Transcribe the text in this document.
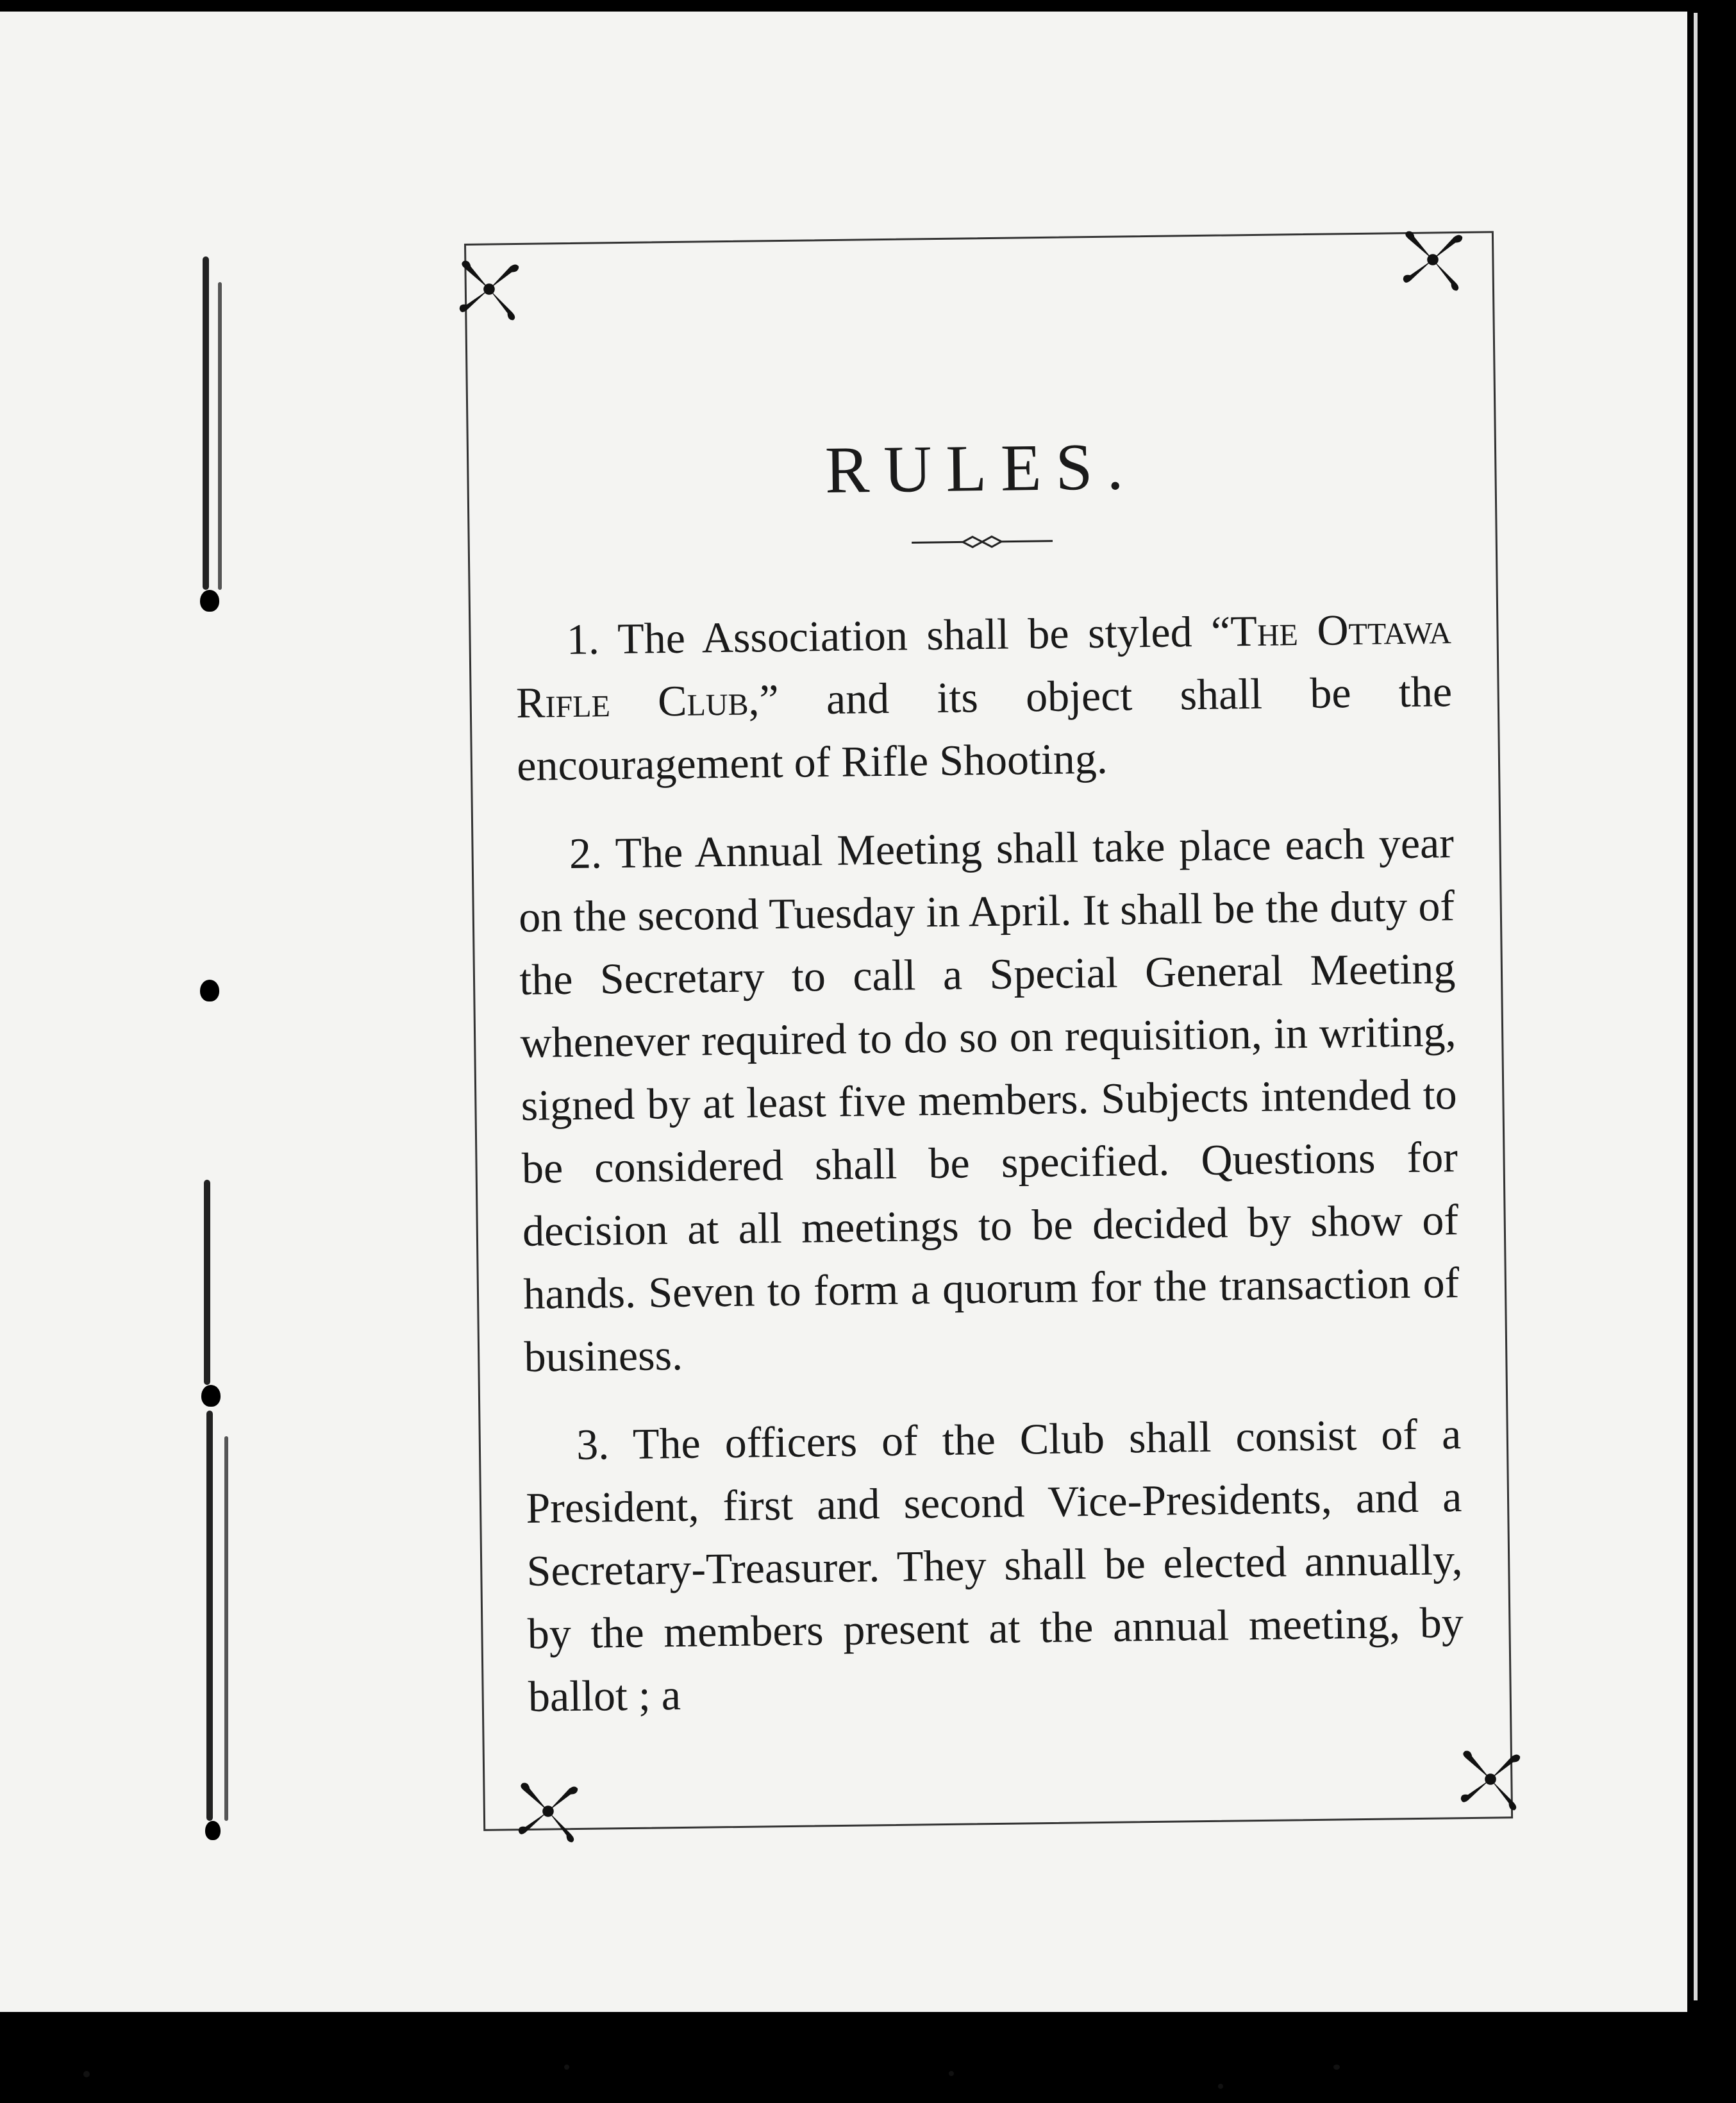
RULES.

1. The Association shall be styled “The Ottawa Rifle Club,” and its object shall be the encouragement of Rifle Shooting.

2. The Annual Meeting shall take place each year on the second Tuesday in April. It shall be the duty of the Secretary to call a Special General Meeting whenever required to do so on requisition, in writing, signed by at least five members. Subjects intended to be considered shall be specified. Questions for decision at all meetings to be decided by show of hands. Seven to form a quorum for the transaction of business.

3. The officers of the Club shall consist of a President, first and second Vice-Presidents, and a Secretary-Treasurer. They shall be elected annually, by the members present at the annual meeting, by ballot ; a
